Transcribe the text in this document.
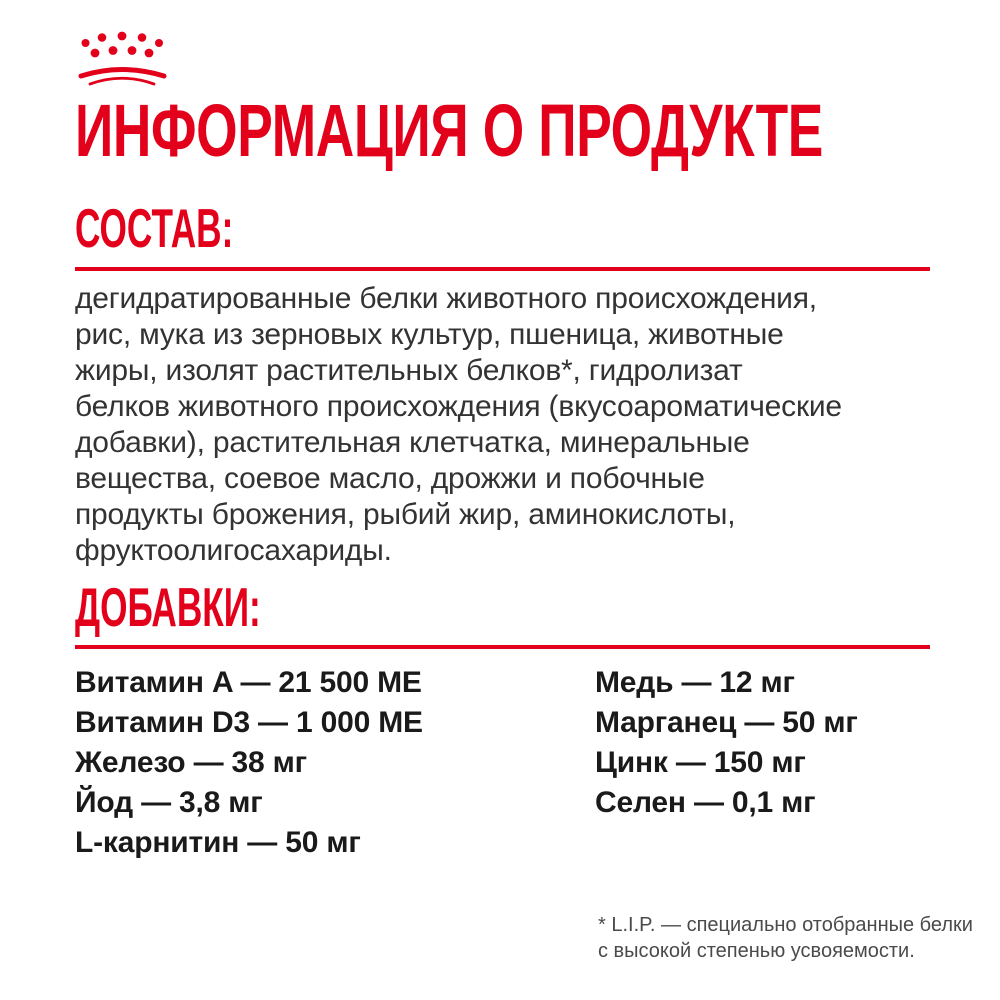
ИНФОРМАЦИЯ О ПРОДУКТЕ
СОСТАВ:
дегидратированные белки животного происхождения,
рис, мука из зерновых культур, пшеница, животные
жиры, изолят растительных белков*, гидролизат
белков животного происхождения (вкусоароматические
добавки), растительная клетчатка, минеральные
вещества, соевое масло, дрожжи и побочные
продукты брожения, рыбий жир, аминокислоты,
фруктоолигосахариды.
ДОБАВКИ:
Витамин A — 21 500 МЕ
Витамин D3 — 1 000 МЕ
Железо — 38 мг
Йод — 3,8 мг
L-карнитин — 50 мг
Медь — 12 мг
Марганец — 50 мг
Цинк — 150 мг
Селен — 0,1 мг
* L.I.P. — специально отобранные белки
с высокой степенью усвояемости.
